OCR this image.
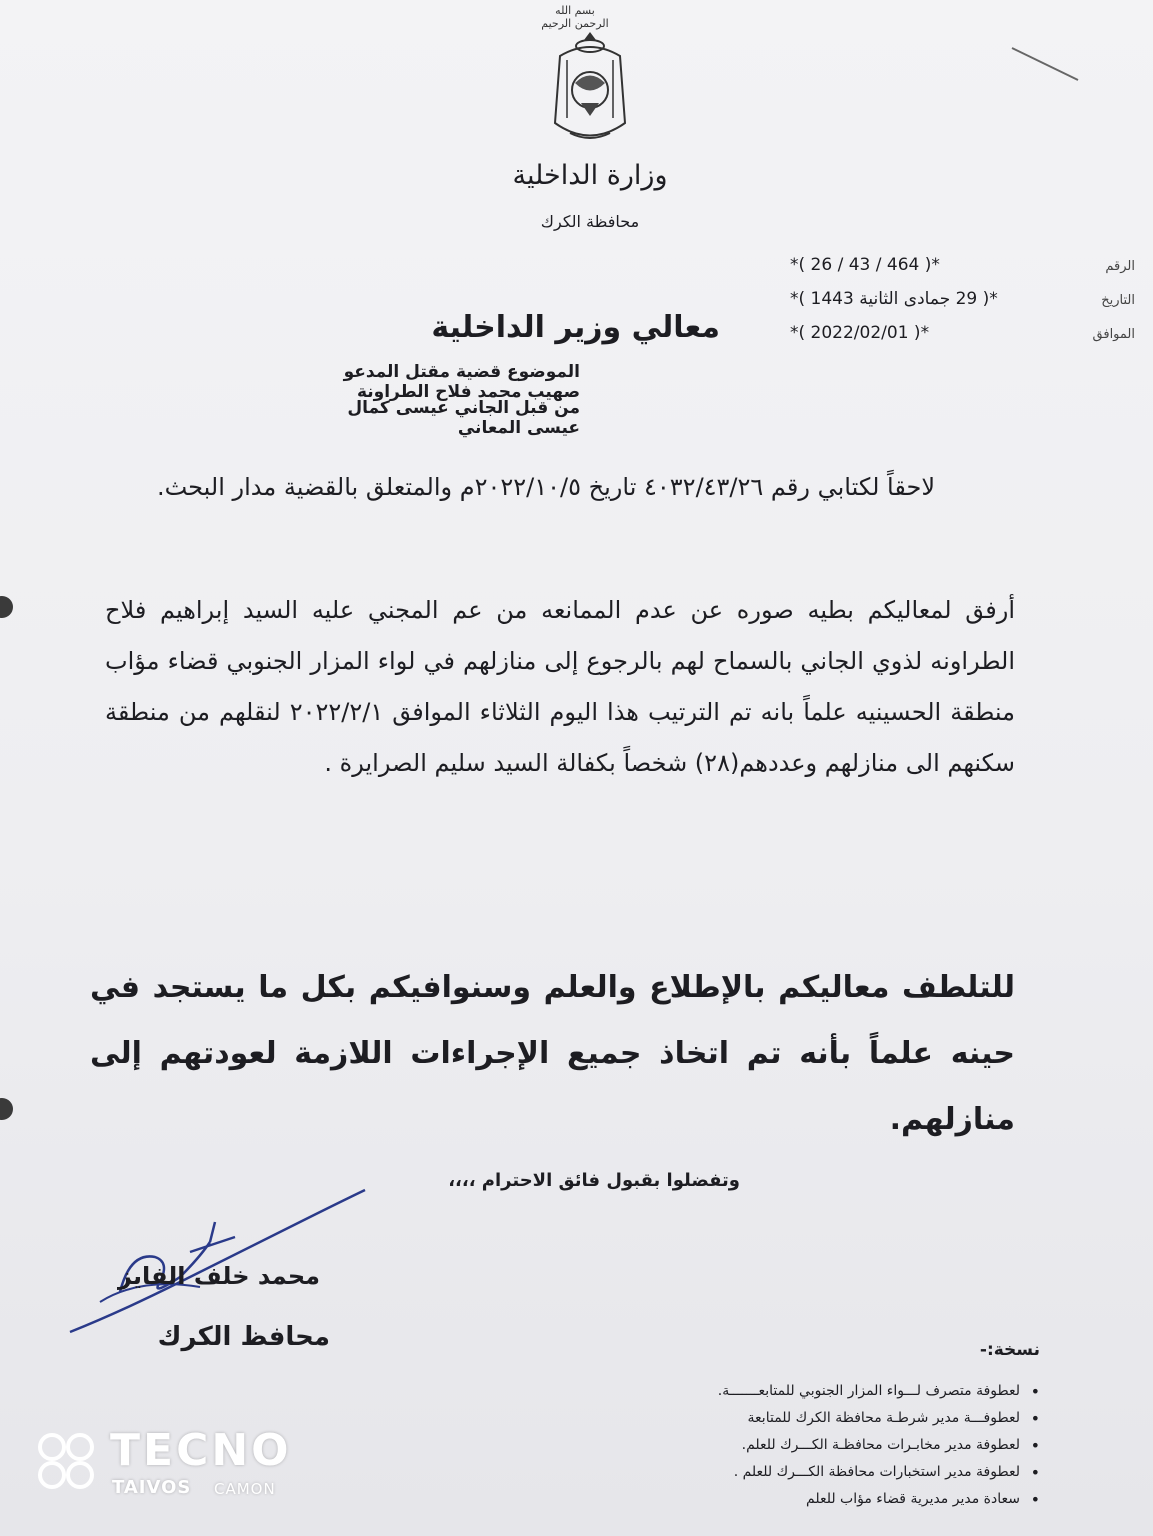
بسم الله الرحمن الرحيم
وزارة الداخلية
محافظة الكرك
الرقم
*( 464 / 43 / 26 )*
التاريخ
*( 29 جمادى الثانية 1443 )*
الموافق
*( 2022/02/01 )*
معالي وزير الداخلية
الموضوع قضية مقتل المدعو صهيب محمد فلاح الطراونة
من قبل الجاني عيسى كمال عيسى المعاني
لاحقاً لكتابي رقم ٤٠٣٢/٤٣/٢٦ تاريخ ٢٠٢٢/١٠/٥م والمتعلق بالقضية مدار البحث.
أرفق لمعاليكم بطيه صوره عن عدم الممانعه من عم المجني عليه السيد إبراهيم فلاح الطراونه لذوي الجاني بالسماح لهم بالرجوع إلى منازلهم في لواء المزار الجنوبي قضاء مؤاب منطقة الحسينيه علماً بانه تم الترتيب هذا اليوم الثلاثاء الموافق ٢٠٢٢/٢/١ لنقلهم من منطقة سكنهم الى منازلهم وعددهم(٢٨) شخصاً بكفالة السيد سليم الصرايرة .
للتلطف معاليكم بالإطلاع والعلم وسنوافيكم بكل ما يستجد في حينه علماً بأنه تم اتخاذ جميع الإجراءات اللازمة لعودتهم إلى منازلهم.
وتفضلوا بقبول فائق الاحترام ،،،،
محمد خلف الفايز
محافظ الكرك	نسخة:-
• لعطوفة متصرف لـــواء المزار الجنوبي للمتابعـــــــة.
• لعطوفـــة مدير شرطـة محافظة الكرك للمتابعة
• لعطوفة مدير مخابـرات محافظـة الكـــرك للعلم.
• لعطوفة مدير استخبارات محافظة الكـــرك للعلم .
• سعادة مدير مديرية قضاء مؤاب للعلم
TECNO
TAIVOS CAMON
